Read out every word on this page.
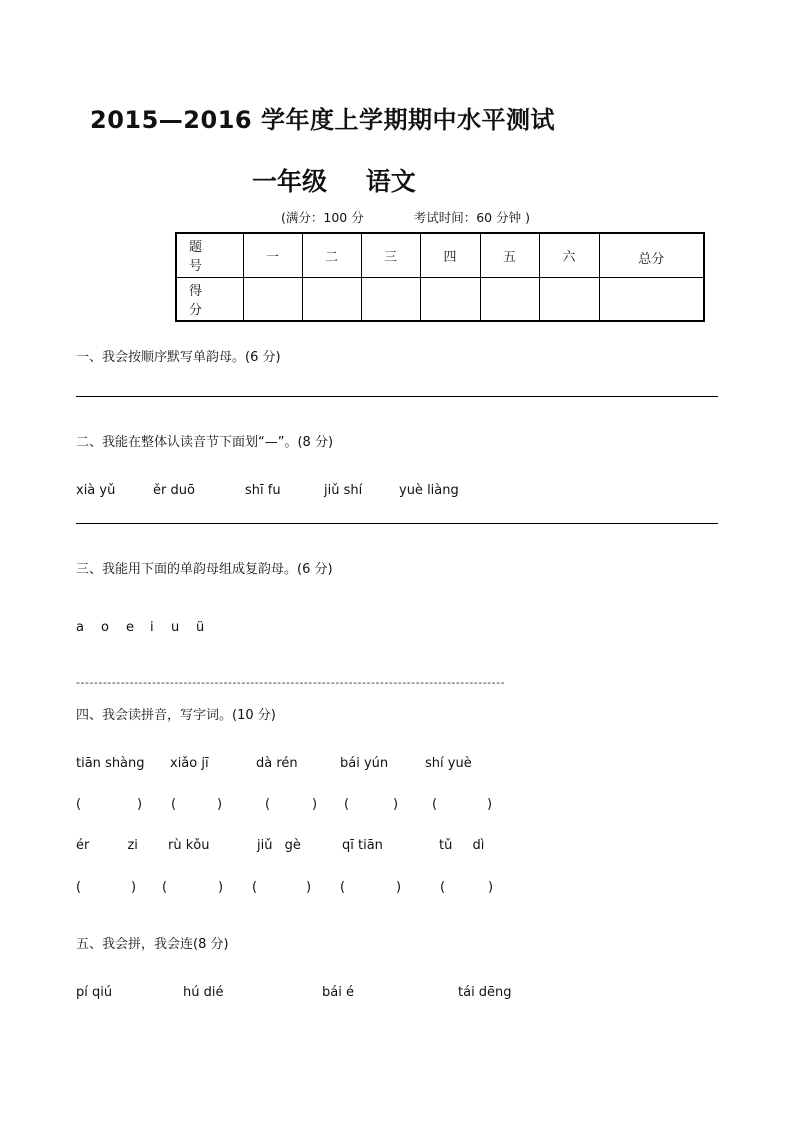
2015—2016 学年度上学期期中水平测试
一年级 语文
(满分：100 分	考试时间：60 分钟 )
题 号	一	二	三	四	五	六	总分
得 分							
一、我会按顺序默写单韵母。(6 分)
二、我能在整体认读音节下面划“—”。(8 分)
xià yǔ	ěr duō	shī fu	jiǔ shí	yuè liàng
三、我能用下面的单韵母组成复韵母。(6 分)
a o e i u ü
------------------------------------------------------------------------------------------------
四、我会读拼音，写字词。(10 分)
tiān shàng xiǎo jī	dà rén	bái yún	shí yuè
(	) (	)	(	) (	)	(	)
ér zi rù kǒu	jiǔ gè	qī tiān	tǔ dì
(	) (	) (	) (	)	(	)
五、我会拼，我会连(8 分)
pí qiú	hú dié	bái é	tái dēng
